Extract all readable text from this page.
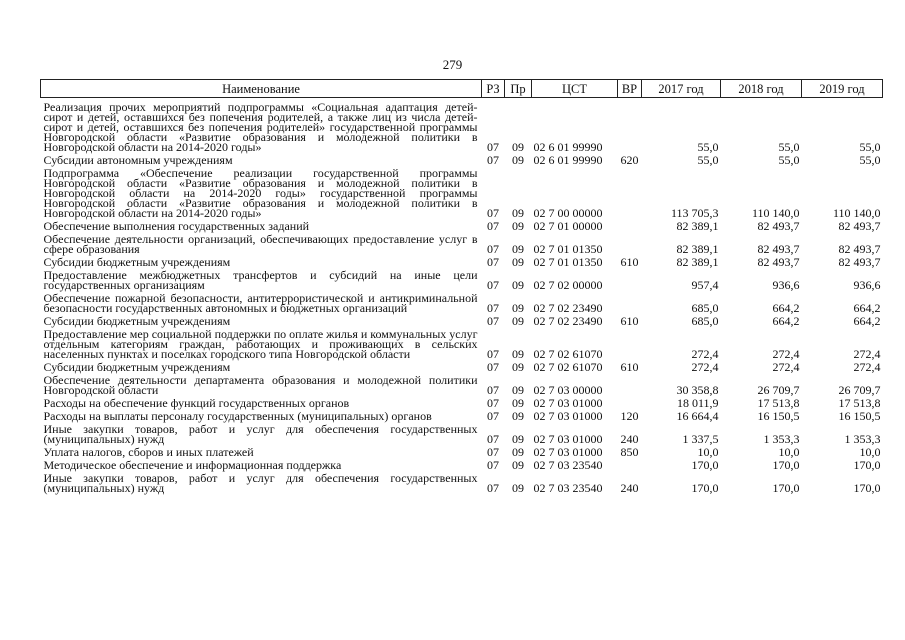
279
Наименование	РЗ	Пр	ЦСТ	ВР	2017 год	2018 год	2019 год

Реализация прочих мероприятий подпрограммы «Социальная адаптация детей-сирот и детей, оставшихся без попечения родителей, а также лиц из числа детей-сирот и детей, оставшихся без попечения родителей» государственной программы Новгородской области «Развитие образования и молодежной политики в Новгородской области на 2014-2020 годы»	07	09	02 6 01 99990		55,0	55,0	55,0
Субсидии автономным учреждениям	07	09	02 6 01 99990	620	55,0	55,0	55,0
Подпрограмма «Обеспечение реализации государственной программы Новгородской области «Развитие образования и молодежной политики в Новгородской области на 2014-2020 годы» государственной программы Новгородской области «Развитие образования и молодежной политики в Новгородской области на 2014-2020 годы»	07	09	02 7 00 00000		113 705,3	110 140,0	110 140,0
Обеспечение выполнения государственных заданий	07	09	02 7 01 00000		82 389,1	82 493,7	82 493,7
Обеспечение деятельности организаций, обеспечивающих предоставление услуг в сфере образования	07	09	02 7 01 01350		82 389,1	82 493,7	82 493,7
Субсидии бюджетным учреждениям	07	09	02 7 01 01350	610	82 389,1	82 493,7	82 493,7
Предоставление межбюджетных трансфертов и субсидий на иные цели государственных организациям	07	09	02 7 02 00000		957,4	936,6	936,6
Обеспечение пожарной безопасности, антитеррористической и антикриминальной безопасности государственных автономных и бюджетных организаций	07	09	02 7 02 23490		685,0	664,2	664,2
Субсидии бюджетным учреждениям	07	09	02 7 02 23490	610	685,0	664,2	664,2
Предоставление мер социальной поддержки по оплате жилья и коммунальных услуг отдельным категориям граждан, работающих и проживающих в сельских населенных пунктах и поселках городского типа Новгородской области	07	09	02 7 02 61070		272,4	272,4	272,4
Субсидии бюджетным учреждениям	07	09	02 7 02 61070	610	272,4	272,4	272,4
Обеспечение деятельности департамента образования и молодежной политики Новгородской области	07	09	02 7 03 00000		30 358,8	26 709,7	26 709,7
Расходы на обеспечение функций государственных органов	07	09	02 7 03 01000		18 011,9	17 513,8	17 513,8
Расходы на выплаты персоналу государственных (муниципальных) органов	07	09	02 7 03 01000	120	16 664,4	16 150,5	16 150,5
Иные закупки товаров, работ и услуг для обеспечения государственных (муниципальных) нужд	07	09	02 7 03 01000	240	1 337,5	1 353,3	1 353,3
Уплата налогов, сборов и иных платежей	07	09	02 7 03 01000	850	10,0	10,0	10,0
Методическое обеспечение и информационная поддержка	07	09	02 7 03 23540		170,0	170,0	170,0
Иные закупки товаров, работ и услуг для обеспечения государственных (муниципальных) нужд	07	09	02 7 03 23540	240	170,0	170,0	170,0
